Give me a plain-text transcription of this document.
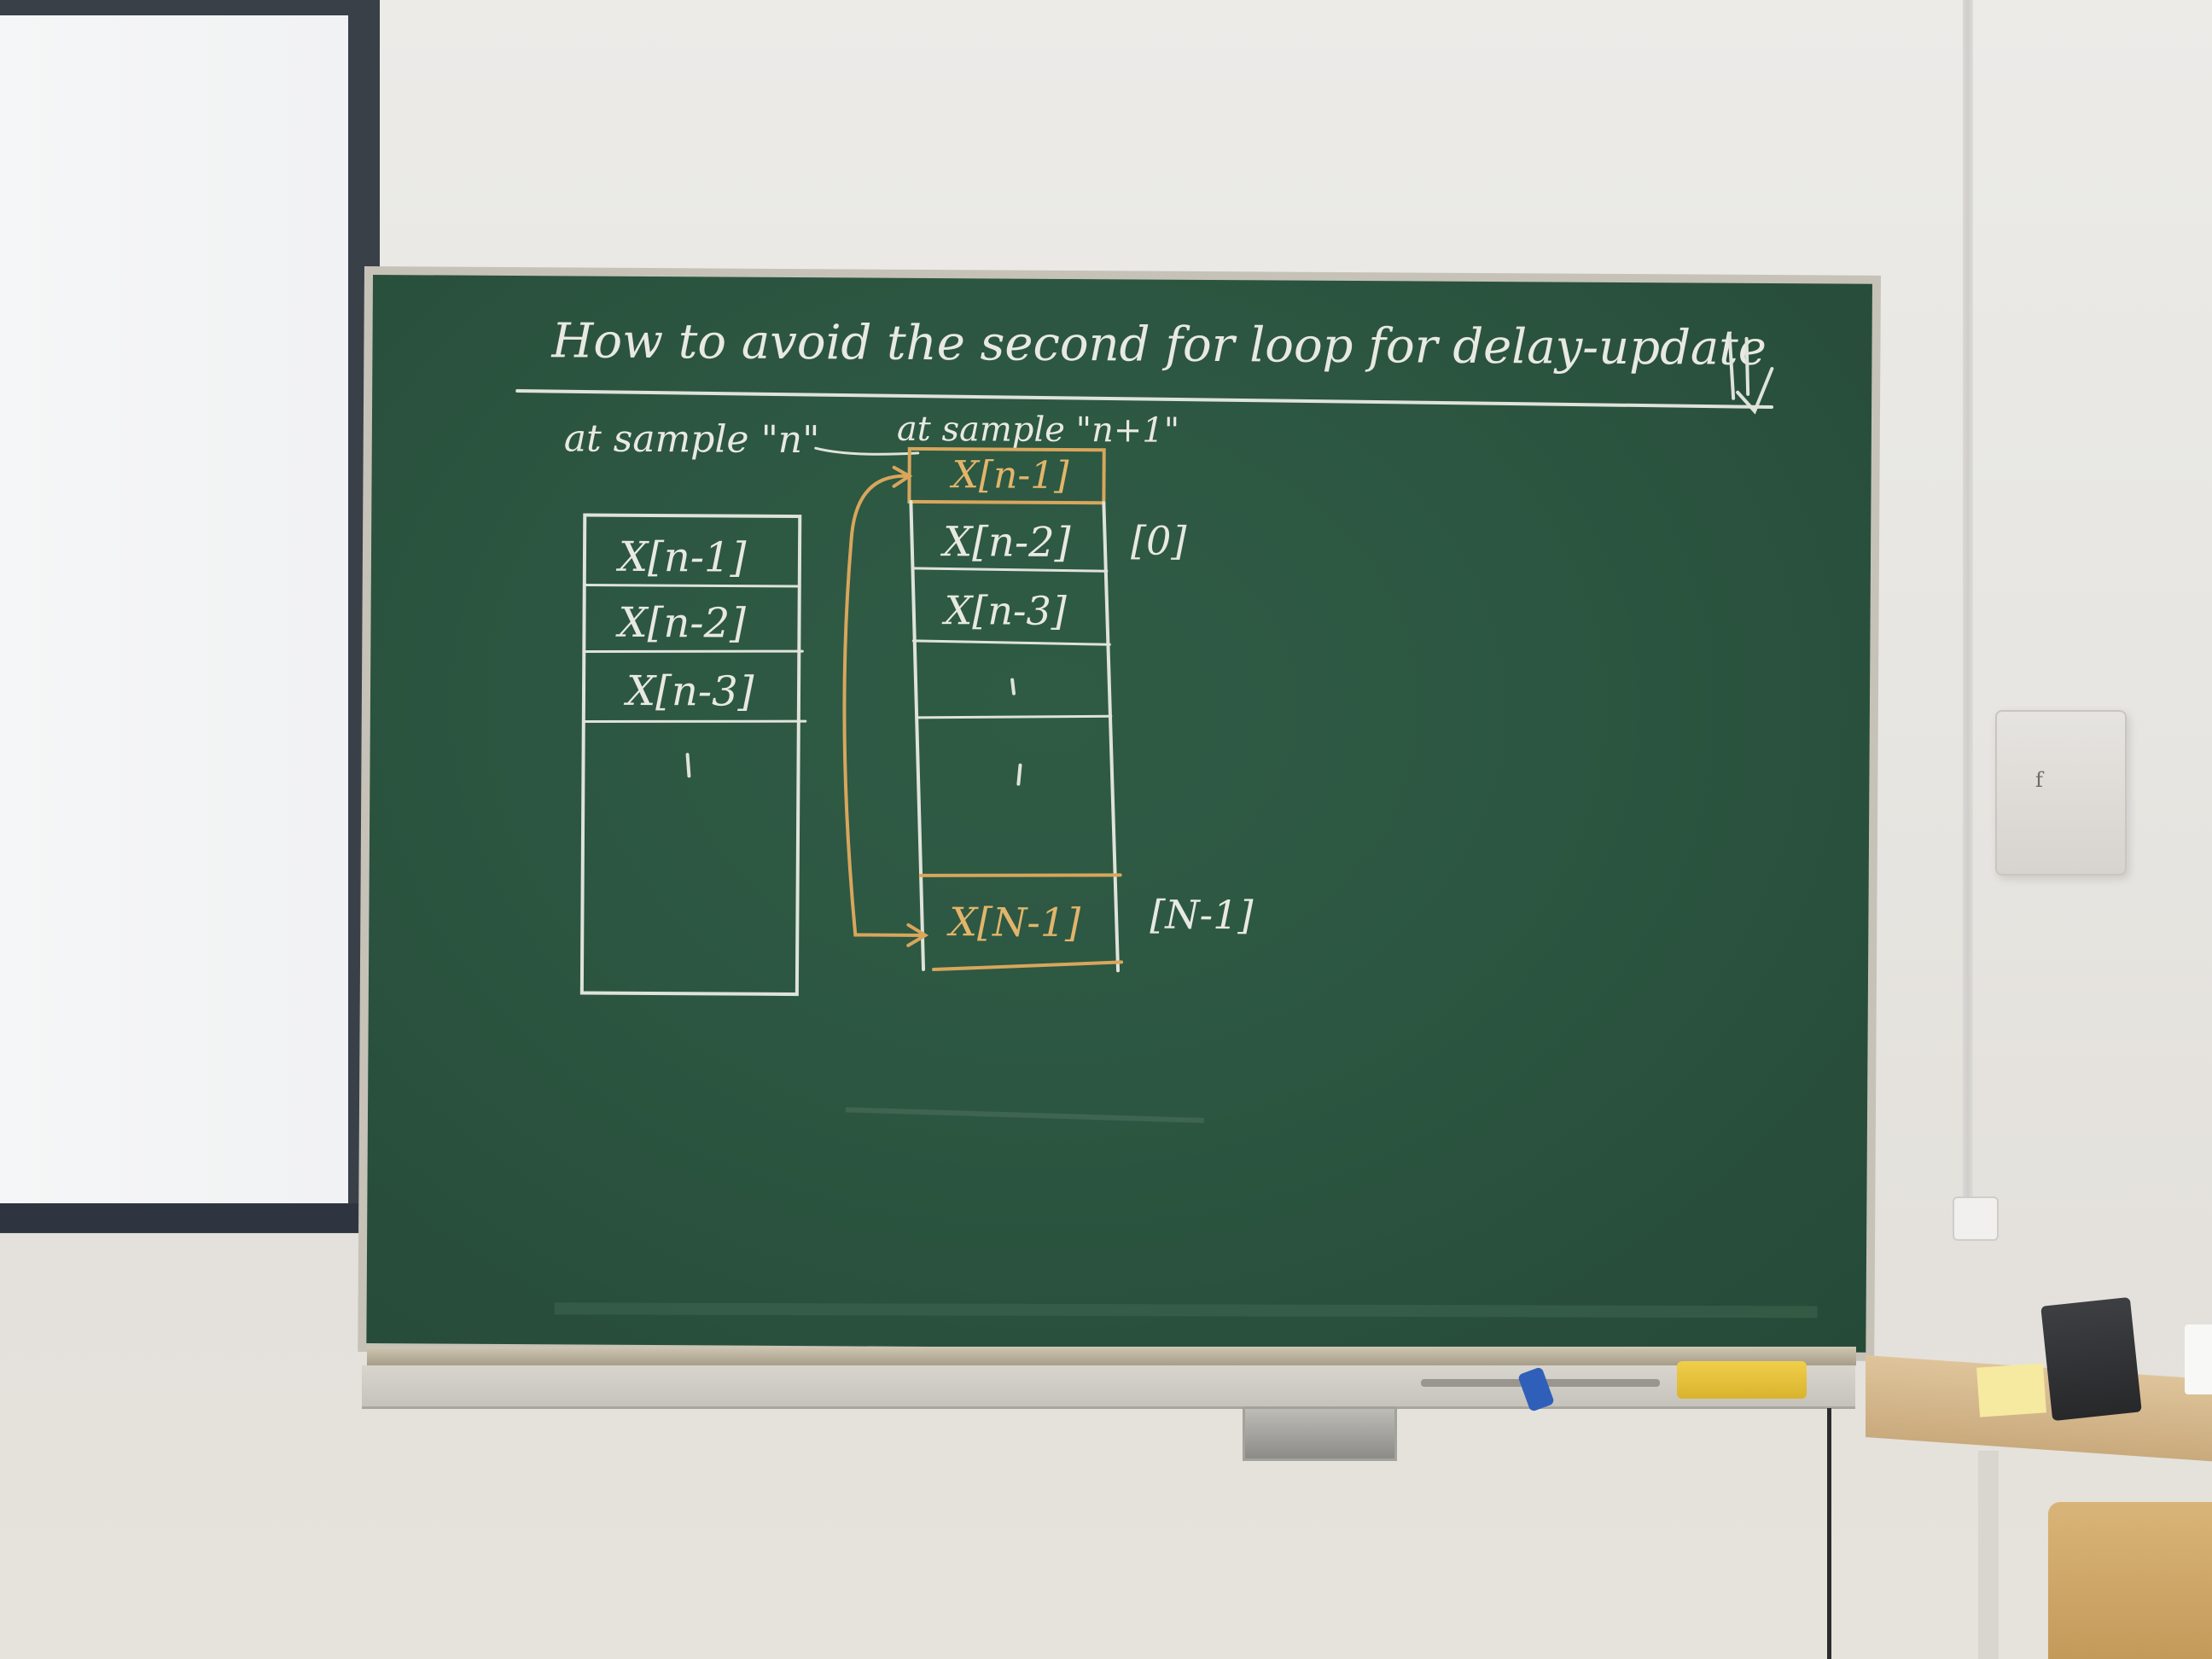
How to avoid the second for loop for delay-update
at sample "n" at sample "n+1"
X[n-1]
X[n-2]
X[n-3]
X[n-1]
X[n-2]
X[n-3]
X[N-1]
[0]
[N-1]
f
